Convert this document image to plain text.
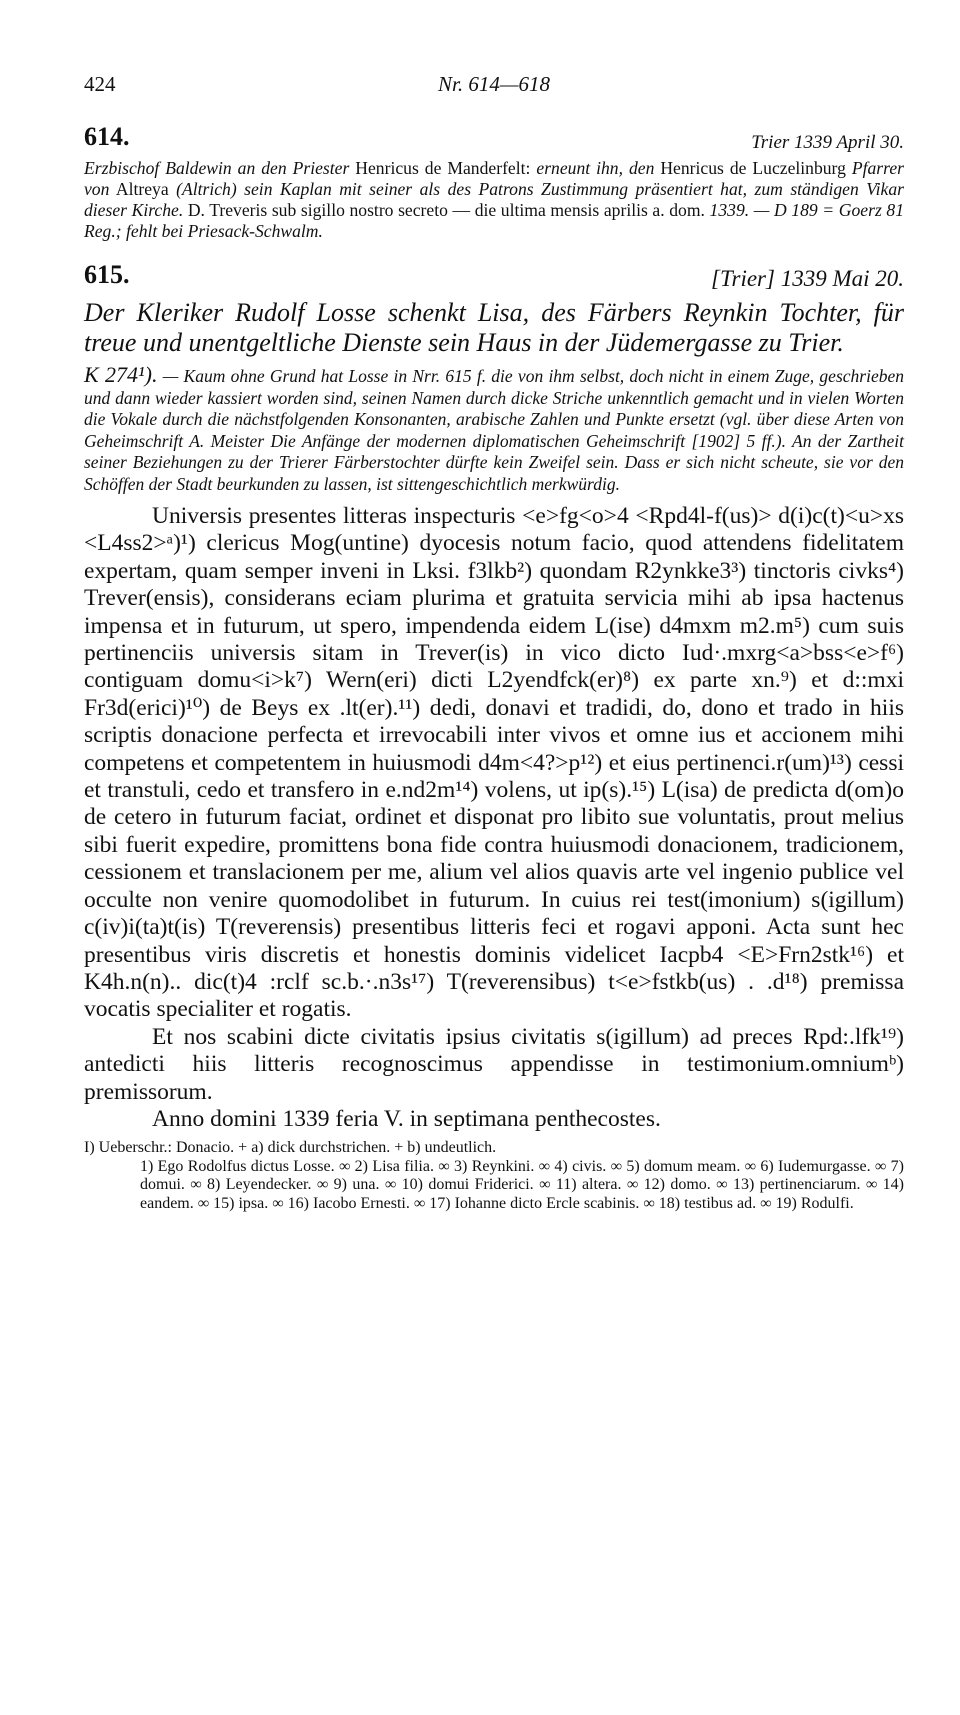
424	Nr. 614—618
614.	Trier 1339 April 30.
Erzbischof Baldewin an den Priester Henricus de Manderfelt: erneunt ihn, den Henricus de Luczelinburg Pfarrer von Altreya (Altrich) sein Kaplan mit seiner als des Patrons Zustimmung präsentiert hat, zum ständigen Vikar dieser Kirche. D. Treveris sub sigillo nostro secreto — die ultima mensis aprilis a. dom. 1339. — D 189 = Goerz 81 Reg.; fehlt bei Priesack-Schwalm.
615.	[Trier] 1339 Mai 20.
Der Kleriker Rudolf Losse schenkt Lisa, des Färbers Reynkin Tochter, für treue und unentgeltliche Dienste sein Haus in der Jüdemergasse zu Trier.
K 274¹). — Kaum ohne Grund hat Losse in Nrr. 615 f. die von ihm selbst, doch nicht in einem Zuge, geschrieben und dann wieder kassiert worden sind, seinen Namen durch dicke Striche unkenntlich gemacht und in vielen Worten die Vokale durch die nächstfolgenden Konsonanten, arabische Zahlen und Punkte ersetzt (vgl. über diese Arten von Geheimschrift A. Meister Die Anfänge der modernen diplomatischen Geheimschrift [1902] 5 ff.). An der Zartheit seiner Beziehungen zu der Trierer Färberstochter dürfte kein Zweifel sein. Dass er sich nicht scheute, sie vor den Schöffen der Stadt beurkunden zu lassen, ist sittengeschichtlich merkwürdig.

Universis presentes litteras inspecturis <e>fg<o>4 <Rpd4l-f(us)> d(i)c(t)<u>xs <L4ss2>ᵃ)¹) clericus Mog(untine) dyocesis notum facio, quod attendens fidelitatem expertam, quam semper inveni in Lksi. f3lkb²) quondam R2ynkke3³) tinctoris civks⁴) Trever(ensis), considerans eciam plurima et gratuita servicia mihi ab ipsa hactenus impensa et in futurum, ut spero, impendenda eidem L(ise) d4mxm m2.m⁵) cum suis pertinenciis universis sitam in Trever(is) in vico dicto Iud·.mxrg<a>bss<e>f⁶) contiguam domu<i>k⁷) Wern(eri) dicti L2yendfck(er)⁸) ex parte xn.⁹) et d::mxi Fr3d(erici)¹⁰) de Beys ex .lt(er).¹¹) dedi, donavi et tradidi, do, dono et trado in hiis scriptis donacione perfecta et irrevocabili inter vivos et omne ius et accionem mihi competens et competentem in huiusmodi d4m<4?>p¹²) et eius pertinenci.r(um)¹³) cessi et transtuli, cedo et transfero in e.nd2m¹⁴) volens, ut ip(s).¹⁵) L(isa) de predicta d(om)o de cetero in futurum faciat, ordinet et disponat pro libito sue voluntatis, prout melius sibi fuerit expedire, promittens bona fide contra huiusmodi donacionem, tradicionem, cessionem et translacionem per me, alium vel alios quavis arte vel ingenio publice vel occulte non venire quomodolibet in futurum. In cuius rei test(imonium) s(igillum) c(iv)i(ta)t(is) T(reverensis) presentibus litteris feci et rogavi apponi. Acta sunt hec presentibus viris discretis et honestis dominis videlicet Iacpb4 <E>Frn2stk¹⁶) et K4h.n(n).. dic(t)4 :rclf sc.b.·.n3s¹⁷) T(reverensibus) t<e>fstkb(us) . .d¹⁸) premissa vocatis specialiter et rogatis.

Et nos scabini dicte civitatis ipsius civitatis s(igillum) ad preces Rpd:.lfk¹⁹) antedicti hiis litteris recognoscimus appendisse in testimonium.omniumᵇ) premissorum.

Anno domini 1339 feria V. in septimana penthecostes.

I) Ueberschr.: Donacio. + a) dick durchstrichen. + b) undeutlich.
1) Ego Rodolfus dictus Losse. ∞ 2) Lisa filia. ∞ 3) Reynkini. ∞ 4) civis. ∞ 5) domum meam. ∞ 6) Iudemurgasse. ∞ 7) domui. ∞ 8) Leyendecker. ∞ 9) una. ∞ 10) domui Friderici. ∞ 11) altera. ∞ 12) domo. ∞ 13) pertinenciarum. ∞ 14) eandem. ∞ 15) ipsa. ∞ 16) Iacobo Ernesti. ∞ 17) Iohanne dicto Ercle scabinis. ∞ 18) testibus ad. ∞ 19) Rodulfi.
